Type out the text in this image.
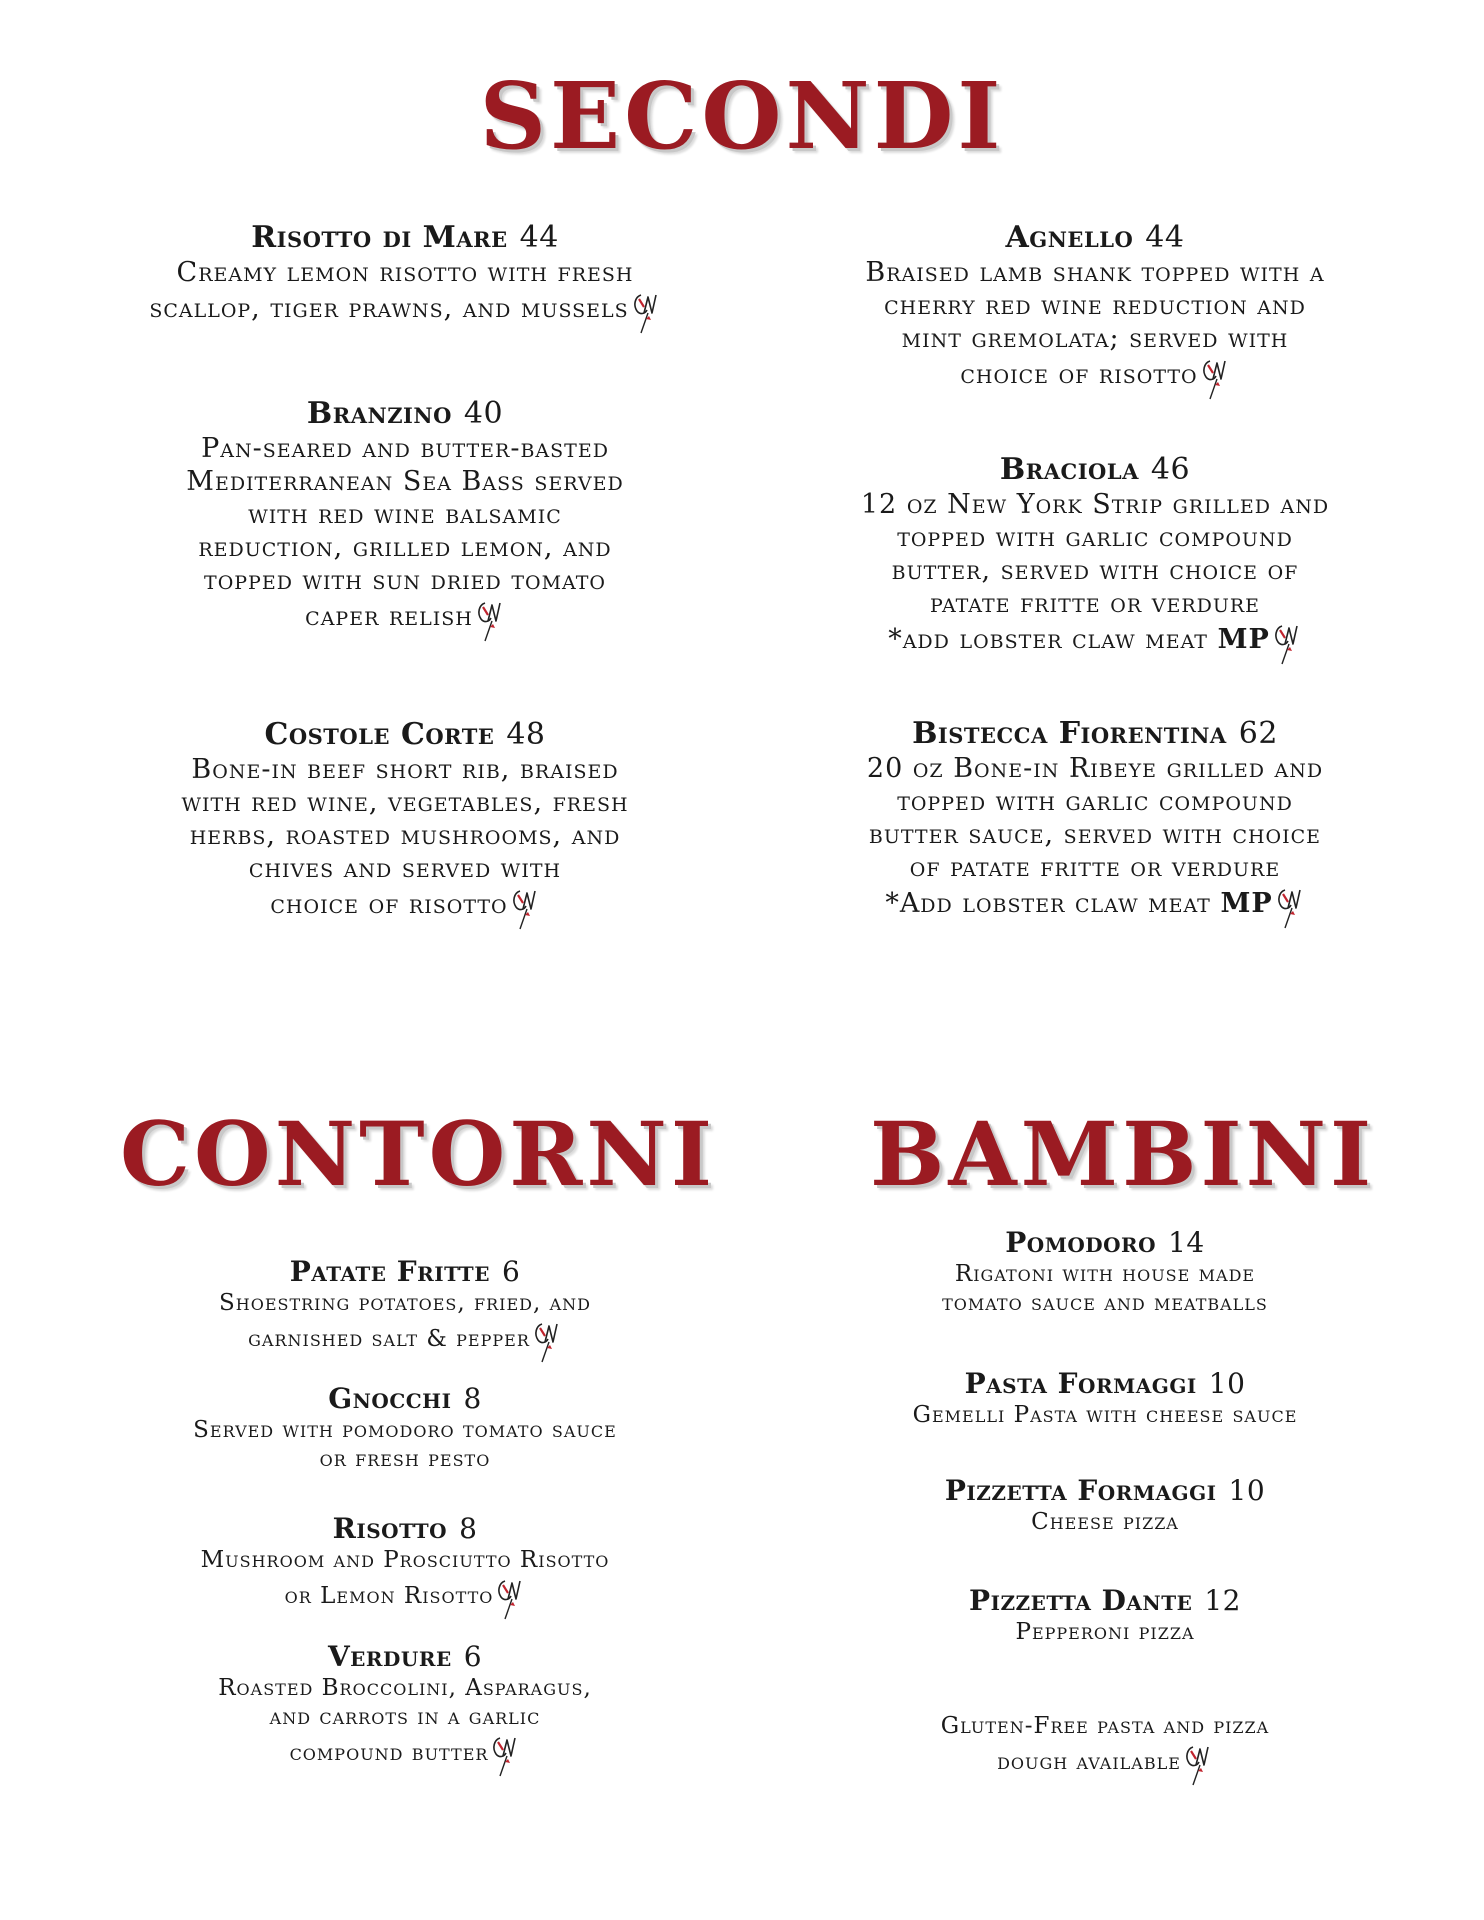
SECONDI
CONTORNI BAMBINI
Risotto di Mare 44
Creamy lemon risotto with fresh
scallop, tiger prawns, and mussels
Branzino 40
Pan-seared and butter-basted
Mediterranean Sea Bass served
with red wine balsamic
reduction, grilled lemon, and
topped with sun dried tomato
caper relish
Costole Corte 48
Bone-in beef short rib, braised
with red wine, vegetables, fresh
herbs, roasted mushrooms, and
chives and served with
choice of risotto
Agnello 44
Braised lamb shank topped with a
cherry red wine reduction and
mint gremolata; served with
choice of risotto
Braciola 46
12 oz New York Strip grilled and
topped with garlic compound
butter, served with choice of
patate fritte or verdure
*add lobster claw meat MP
Bistecca Fiorentina 62
20 oz Bone-in Ribeye grilled and
topped with garlic compound
butter sauce, served with choice
of patate fritte or verdure
*Add lobster claw meat MP
Patate Fritte 6
Shoestring potatoes, fried, and
garnished salt & pepper
Gnocchi 8
Served with pomodoro tomato sauce
or fresh pesto
Risotto 8
Mushroom and Prosciutto Risotto
or Lemon Risotto
Verdure 6
Roasted Broccolini, Asparagus,
and carrots in a garlic
compound butter
Pomodoro 14
Rigatoni with house made
tomato sauce and meatballs
Pasta Formaggi 10
Gemelli Pasta with cheese sauce
Pizzetta Formaggi 10
Cheese pizza
Pizzetta Dante 12
Pepperoni pizza
Gluten-Free pasta and pizza
dough available
